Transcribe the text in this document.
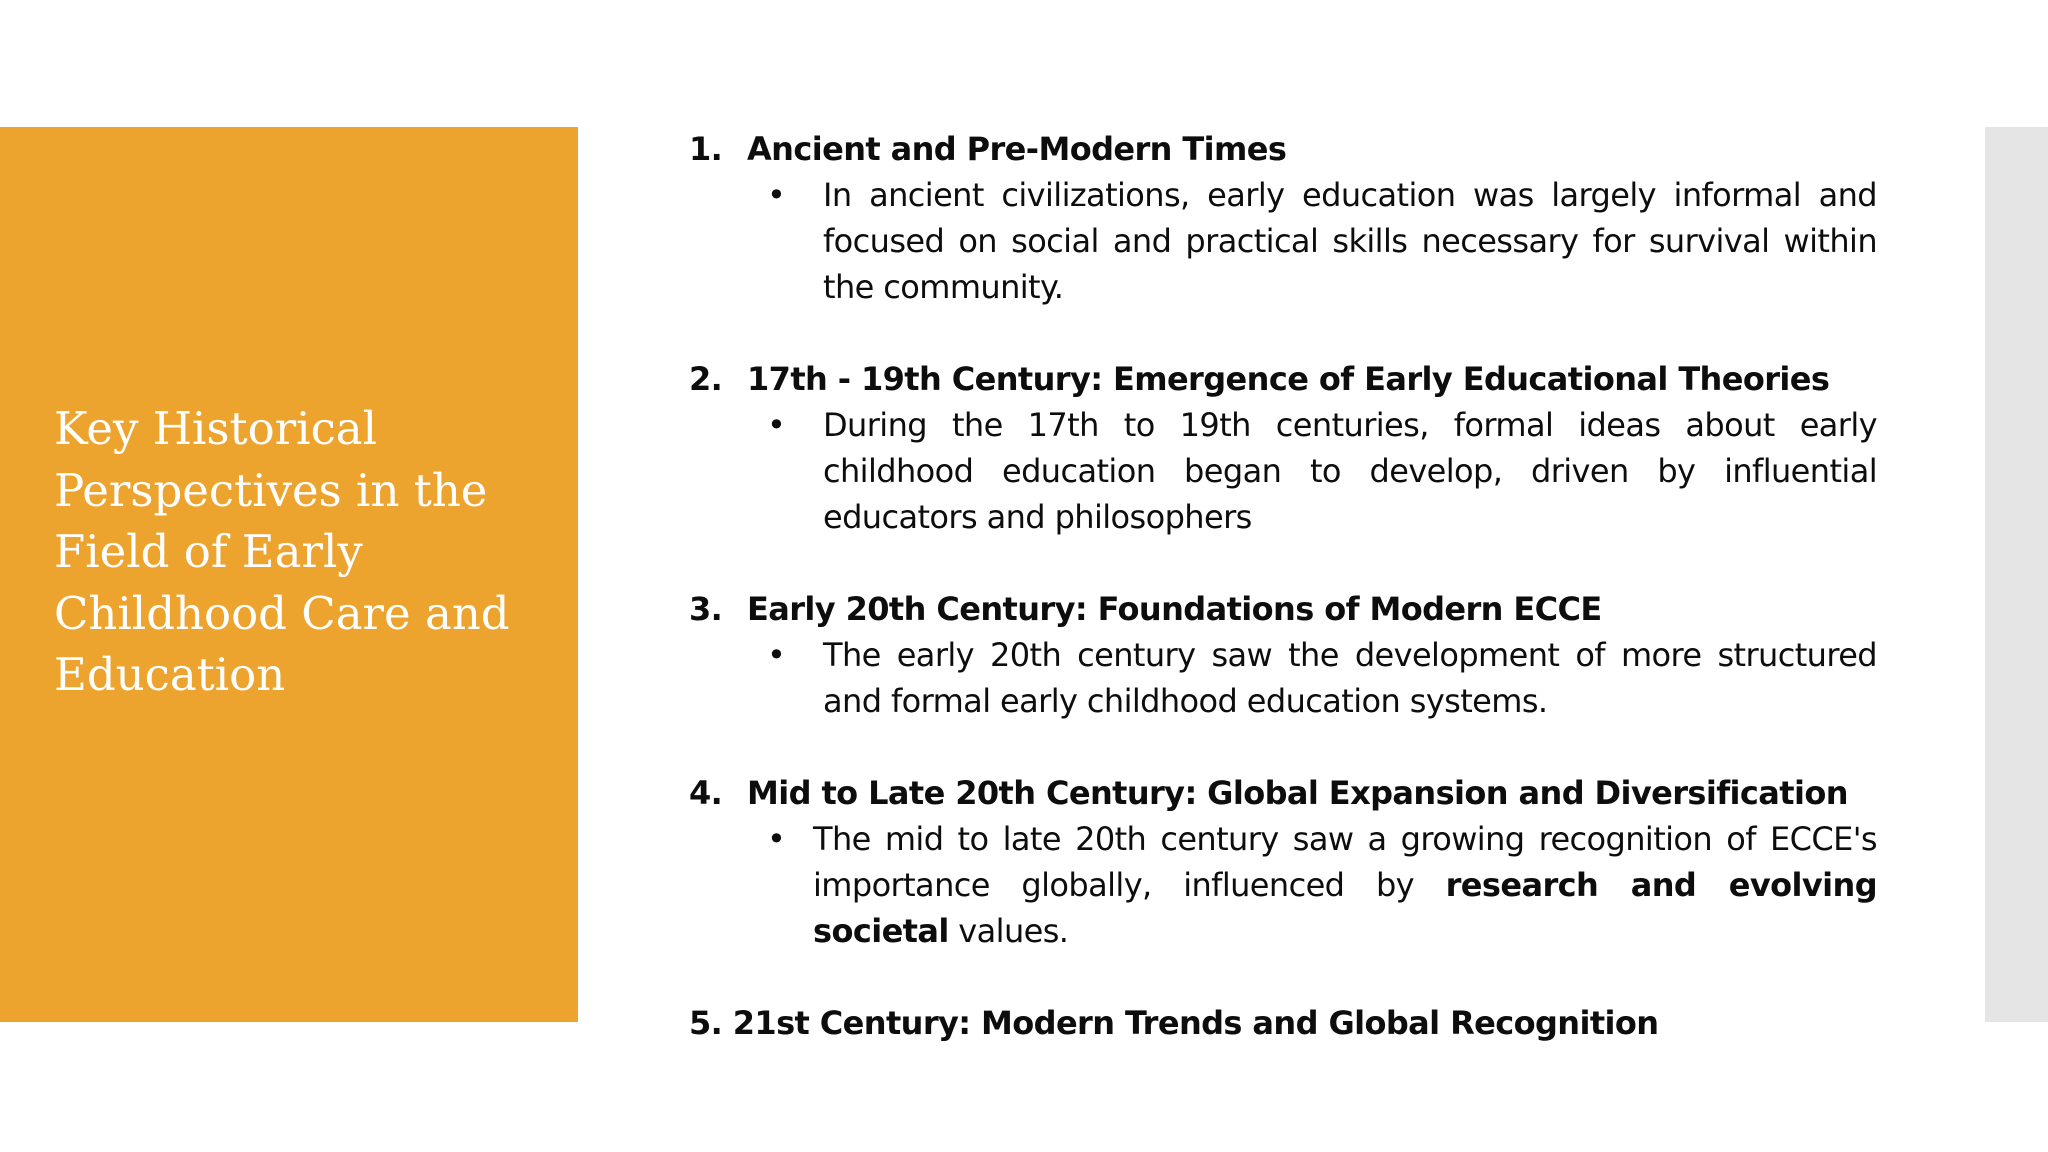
Key Historical
Perspectives in the
Field of Early
Childhood Care and
Education
1. Ancient and Pre-Modern Times
• In ancient civilizations, early education was largely informal and focused on social and practical skills necessary for survival within the community.
2. 17th - 19th Century: Emergence of Early Educational Theories
• During the 17th to 19th centuries, formal ideas about early childhood education began to develop, driven by influential educators and philosophers
3. Early 20th Century: Foundations of Modern ECCE
• The early 20th century saw the development of more structured and formal early childhood education systems.
4. Mid to Late 20th Century: Global Expansion and Diversification
• The mid to late 20th century saw a growing recognition of ECCE's importance globally, influenced by research and evolving societal values.
5. 21st Century: Modern Trends and Global Recognition
